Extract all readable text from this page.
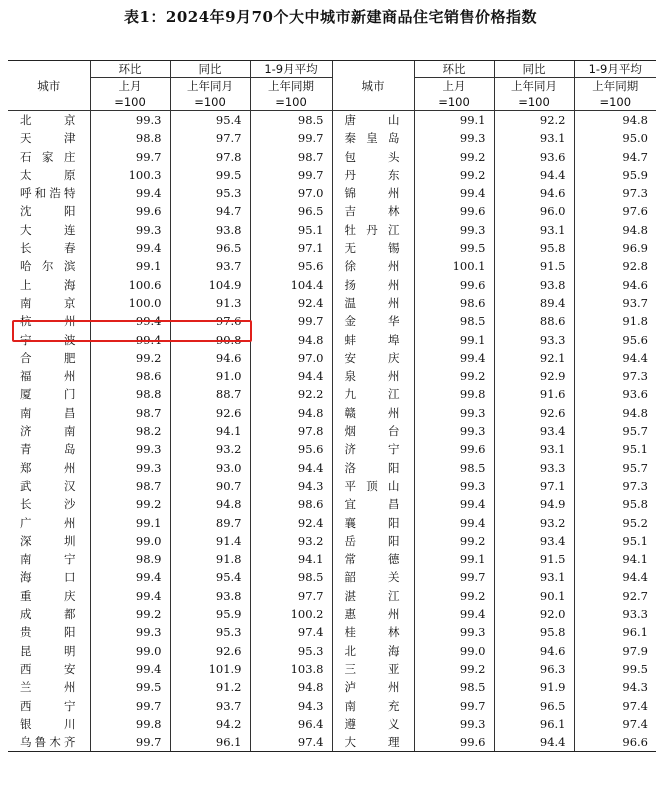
表1：2024年9月70个大中城市新建商品住宅销售价格指数
城市	环比	同比	1-9月平均	城市	环比	同比	1-9月平均
	上月	上年同月	上年同期		上月	上年同月	上年同期
	=100	=100	=100		=100	=100	=100
北　　京	99.3	95.4	98.5	唐　　山	99.1	92.2	94.8
天　　津	98.8	97.7	99.7	秦 皇 岛	99.3	93.1	95.0
石 家 庄	99.7	97.8	98.7	包　　头	99.2	93.6	94.7
太　　原	100.3	99.5	99.7	丹　　东	99.2	94.4	95.9
呼和浩特	99.4	95.3	97.0	锦　　州	99.4	94.6	97.3
沈　　阳	99.6	94.7	96.5	吉　　林	99.6	96.0	97.6
大　　连	99.3	93.8	95.1	牡 丹 江	99.3	93.1	94.8
长　　春	99.4	96.5	97.1	无　　锡	99.5	95.8	96.9
哈 尔 滨	99.1	93.7	95.6	徐　　州	100.1	91.5	92.8
上　　海	100.6	104.9	104.4	扬　　州	99.6	93.8	94.6
南　　京	100.0	91.3	92.4	温　　州	98.6	89.4	93.7
杭　　州	99.4	97.6	99.7	金　　华	98.5	88.6	91.8
宁　　波	99.4	90.8	94.8	蚌　　埠	99.1	93.3	95.6
合　　肥	99.2	94.6	97.0	安　　庆	99.4	92.1	94.4
福　　州	98.6	91.0	94.4	泉　　州	99.2	92.9	97.3
厦　　门	98.8	88.7	92.2	九　　江	99.8	91.6	93.6
南　　昌	98.7	92.6	94.8	赣　　州	99.3	92.6	94.8
济　　南	98.2	94.1	97.8	烟　　台	99.3	93.4	95.7
青　　岛	99.3	93.2	95.6	济　　宁	99.6	93.1	95.1
郑　　州	99.3	93.0	94.4	洛　　阳	98.5	93.3	95.7
武　　汉	98.7	90.7	94.3	平 顶 山	99.3	97.1	97.3
长　　沙	99.2	94.8	98.6	宜　　昌	99.4	94.9	95.8
广　　州	99.1	89.7	92.4	襄　　阳	99.4	93.2	95.2
深　　圳	99.0	91.4	93.2	岳　　阳	99.2	93.4	95.1
南　　宁	98.9	91.8	94.1	常　　德	99.1	91.5	94.1
海　　口	99.4	95.4	98.5	韶　　关	99.7	93.1	94.4
重　　庆	99.4	93.8	97.7	湛　　江	99.2	90.1	92.7
成　　都	99.2	95.9	100.2	惠　　州	99.4	92.0	93.3
贵　　阳	99.3	95.3	97.4	桂　　林	99.3	95.8	96.1
昆　　明	99.0	92.6	95.3	北　　海	99.0	94.6	97.9
西　　安	99.4	101.9	103.8	三　　亚	99.2	96.3	99.5
兰　　州	99.5	91.2	94.8	泸　　州	98.5	91.9	94.3
西　　宁	99.7	93.7	94.3	南　　充	99.7	96.5	97.4
银　　川	99.8	94.2	96.4	遵　　义	99.3	96.1	97.4
乌鲁木齐	99.7	96.1	97.4	大　　理	99.6	94.4	96.6
